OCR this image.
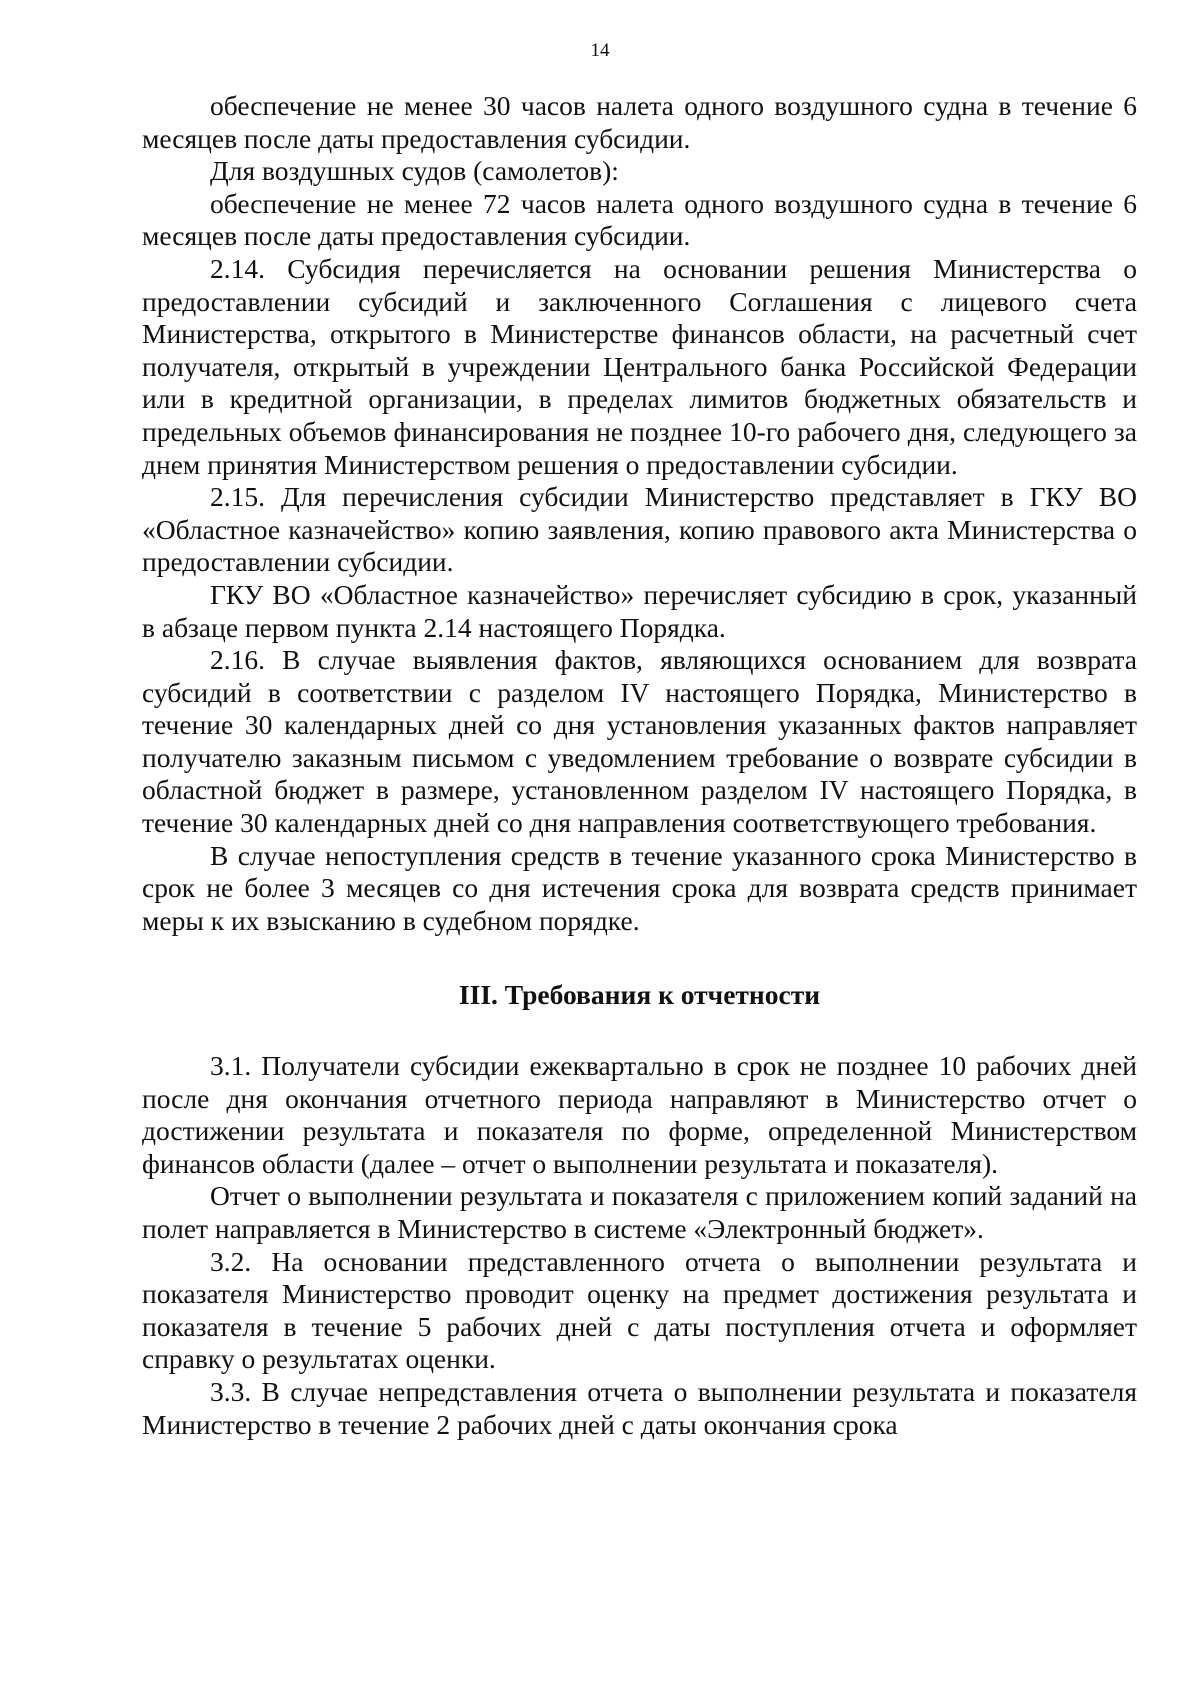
14

обеспечение не менее 30 часов налета одного воздушного судна в течение 6 месяцев после даты предоставления субсидии.

Для воздушных судов (самолетов):

обеспечение не менее 72 часов налета одного воздушного судна в течение 6 месяцев после даты предоставления субсидии.

2.14. Субсидия перечисляется на основании решения Министерства о предоставлении субсидий и заключенного Соглашения с лицевого счета Министерства, открытого в Министерстве финансов области, на расчетный счет получателя, открытый в учреждении Центрального банка Российской Федерации или в кредитной организации, в пределах лимитов бюджетных обязательств и предельных объемов финансирования не позднее 10-го рабочего дня, следующего за днем принятия Министерством решения о предоставлении субсидии.

2.15. Для перечисления субсидии Министерство представляет в ГКУ ВО «Областное казначейство» копию заявления, копию правового акта Министерства о предоставлении субсидии.

ГКУ ВО «Областное казначейство» перечисляет субсидию в срок, указанный в абзаце первом пункта 2.14 настоящего Порядка.

2.16. В случае выявления фактов, являющихся основанием для возврата субсидий в соответствии с разделом IV настоящего Порядка, Министерство в течение 30 календарных дней со дня установления указанных фактов направляет получателю заказным письмом с уведомлением требование о возврате субсидии в областной бюджет в размере, установленном разделом IV настоящего Порядка, в течение 30 календарных дней со дня направления соответствующего требования.

В случае непоступления средств в течение указанного срока Министерство в срок не более 3 месяцев со дня истечения срока для возврата средств принимает меры к их взысканию в судебном порядке.

III. Требования к отчетности

3.1. Получатели субсидии ежеквартально в срок не позднее 10 рабочих дней после дня окончания отчетного периода направляют в Министерство отчет о достижении результата и показателя по форме, определенной Министерством финансов области (далее – отчет о выполнении результата и показателя).

Отчет о выполнении результата и показателя с приложением копий заданий на полет направляется в Министерство в системе «Электронный бюджет».

3.2. На основании представленного отчета о выполнении результата и показателя Министерство проводит оценку на предмет достижения результата и показателя в течение 5 рабочих дней с даты поступления отчета и оформляет справку о результатах оценки.

3.3. В случае непредставления отчета о выполнении результата и показателя Министерство в течение 2 рабочих дней с даты окончания срока
